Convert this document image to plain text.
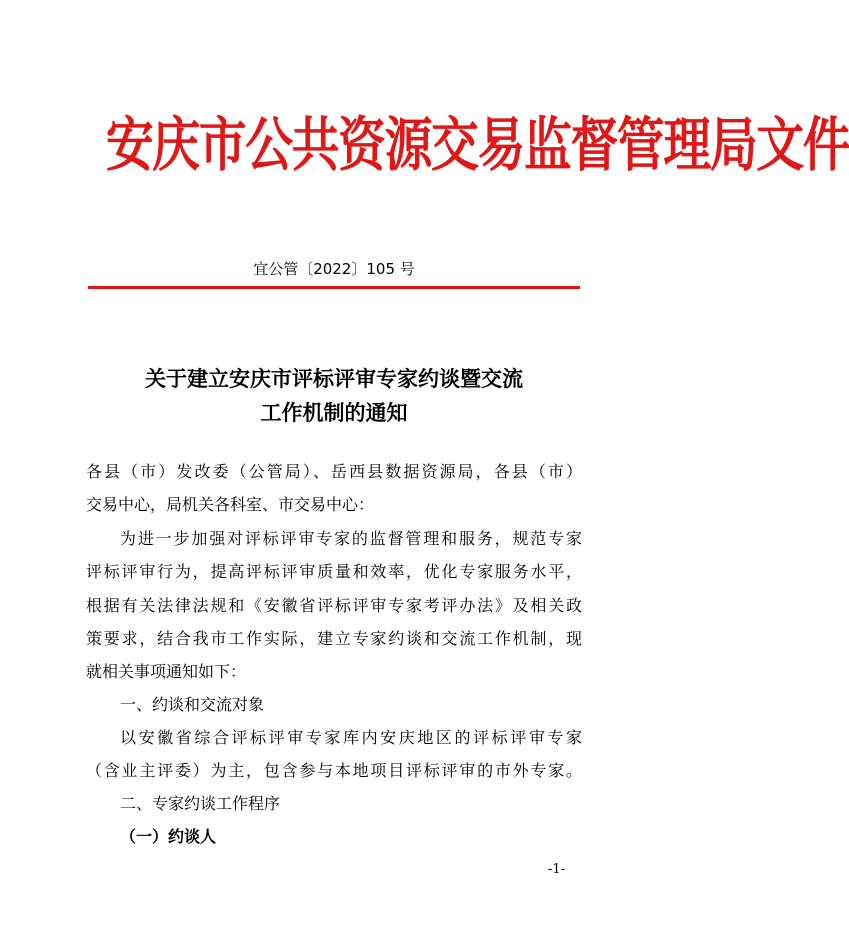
安庆市公共资源交易监督管理局文件
宜公管〔2022〕105 号
关于建立安庆市评标评审专家约谈暨交流
工作机制的通知
各县（市）发改委（公管局）、岳西县数据资源局，各县（市）
交易中心，局机关各科室、市交易中心：
为进一步加强对评标评审专家的监督管理和服务，规范专家
评标评审行为，提高评标评审质量和效率，优化专家服务水平，
根据有关法律法规和《安徽省评标评审专家考评办法》及相关政
策要求，结合我市工作实际，建立专家约谈和交流工作机制，现
就相关事项通知如下：
一、约谈和交流对象
以安徽省综合评标评审专家库内安庆地区的评标评审专家
（含业主评委）为主，包含参与本地项目评标评审的市外专家。
二、专家约谈工作程序
（一）约谈人
-1-
